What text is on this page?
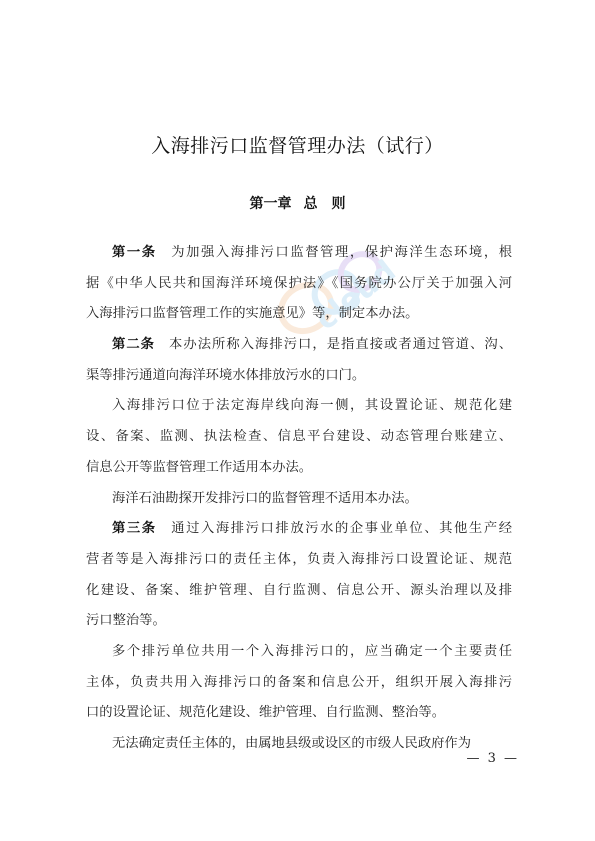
入海排污口监督管理办法（试行）
第一章 总　则
cloud
第一条 为加强入海排污口监督管理，保护海洋生态环境，根
据《中华人民共和国海洋环境保护法》《国务院办公厅关于加强入河
入海排污口监督管理工作的实施意见》等，制定本办法。
第二条 本办法所称入海排污口，是指直接或者通过管道、沟、
渠等排污通道向海洋环境水体排放污水的口门。
入海排污口位于法定海岸线向海一侧，其设置论证、规范化建
设、备案、监测、执法检查、信息平台建设、动态管理台账建立、
信息公开等监督管理工作适用本办法。
海洋石油勘探开发排污口的监督管理不适用本办法。
第三条 通过入海排污口排放污水的企事业单位、其他生产经
营者等是入海排污口的责任主体，负责入海排污口设置论证、规范
化建设、备案、维护管理、自行监测、信息公开、源头治理以及排
污口整治等。
多个排污单位共用一个入海排污口的，应当确定一个主要责任
主体，负责共用入海排污口的备案和信息公开，组织开展入海排污
口的设置论证、规范化建设、维护管理、自行监测、整治等。
无法确定责任主体的，由属地县级或设区的市级人民政府作为
— 3 —
